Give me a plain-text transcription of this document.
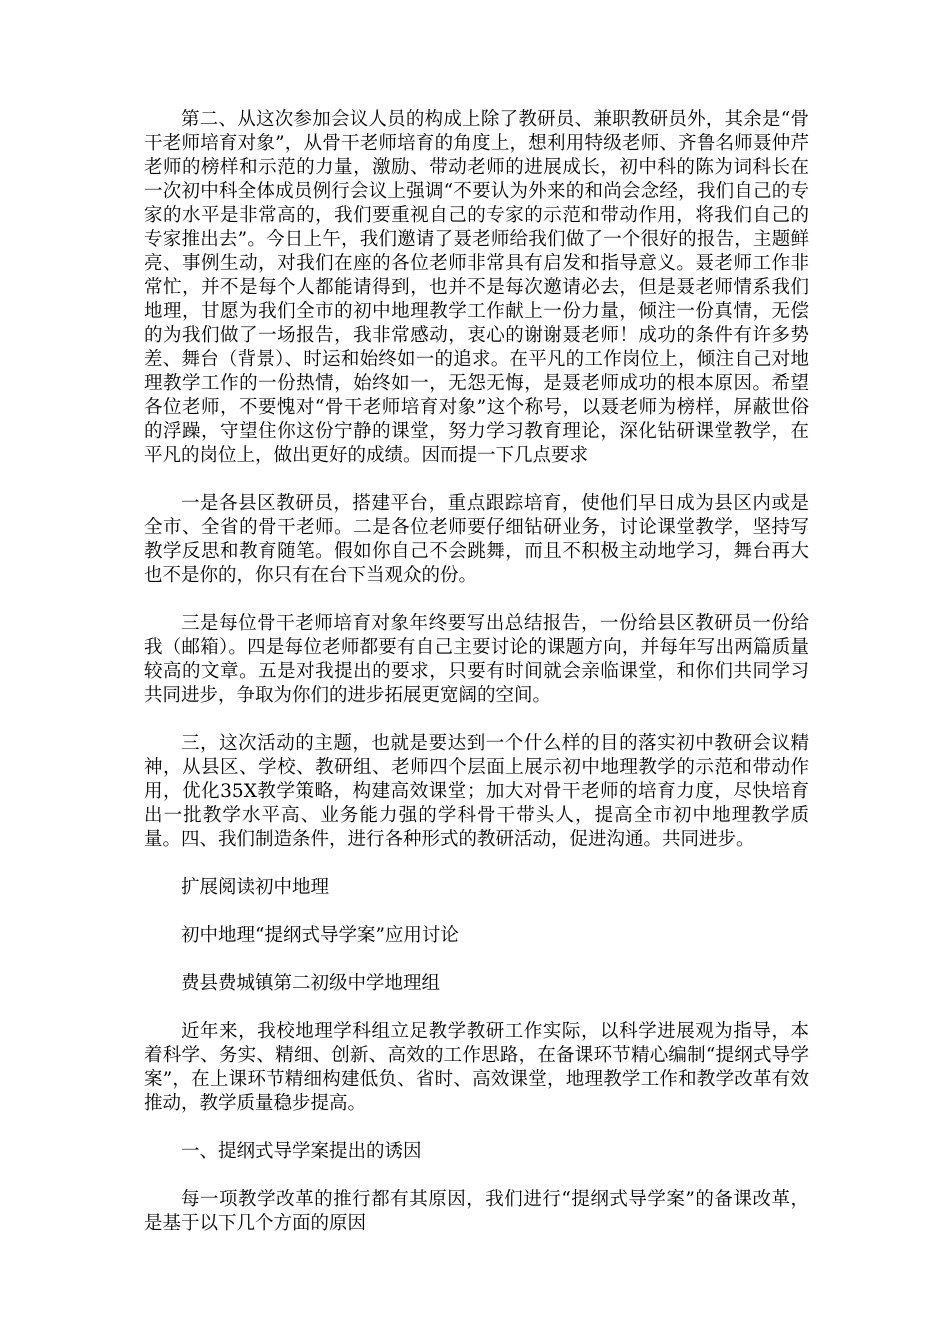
第二、从这次参加会议人员的构成上除了教研员、兼职教研员外，其余是“骨干老师培育对象”，从骨干老师培育的角度上，想利用特级老师、齐鲁名师聂仲芹老师的榜样和示范的力量，激励、带动老师的进展成长，初中科的陈为词科长在一次初中科全体成员例行会议上强调“不要认为外来的和尚会念经，我们自己的专家的水平是非常高的，我们要重视自己的专家的示范和带动作用，将我们自己的专家推出去”。今日上午，我们邀请了聂老师给我们做了一个很好的报告，主题鲜亮、事例生动，对我们在座的各位老师非常具有启发和指导意义。聂老师工作非常忙，并不是每个人都能请得到，也并不是每次邀请必去，但是聂老师情系我们地理，甘愿为我们全市的初中地理教学工作献上一份力量，倾注一份真情，无偿的为我们做了一场报告，我非常感动，衷心的谢谢聂老师！成功的条件有许多势差、舞台（背景）、时运和始终如一的追求。在平凡的工作岗位上，倾注自己对地理教学工作的一份热情，始终如一，无怨无悔，是聂老师成功的根本原因。希望各位老师，不要愧对“骨干老师培育对象”这个称号，以聂老师为榜样，屏蔽世俗的浮躁，守望住你这份宁静的课堂，努力学习教育理论，深化钻研课堂教学，在平凡的岗位上，做出更好的成绩。因而提一下几点要求

一是各县区教研员，搭建平台，重点跟踪培育，使他们早日成为县区内或是全市、全省的骨干老师。二是各位老师要仔细钻研业务，讨论课堂教学，坚持写教学反思和教育随笔。假如你自己不会跳舞，而且不积极主动地学习，舞台再大也不是你的，你只有在台下当观众的份。

三是每位骨干老师培育对象年终要写出总结报告，一份给县区教研员一份给我（邮箱）。四是每位老师都要有自己主要讨论的课题方向，并每年写出两篇质量较高的文章。五是对我提出的要求，只要有时间就会亲临课堂，和你们共同学习共同进步，争取为你们的进步拓展更宽阔的空间。

三，这次活动的主题，也就是要达到一个什么样的目的落实初中教研会议精神，从县区、学校、教研组、老师四个层面上展示初中地理教学的示范和带动作用，优化35X教学策略，构建高效课堂；加大对骨干老师的培育力度，尽快培育出一批教学水平高、业务能力强的学科骨干带头人，提高全市初中地理教学质量。四、我们制造条件，进行各种形式的教研活动，促进沟通。共同进步。

扩展阅读初中地理

初中地理“提纲式导学案”应用讨论

费县费城镇第二初级中学地理组

近年来，我校地理学科组立足教学教研工作实际，以科学进展观为指导，本着科学、务实、精细、创新、高效的工作思路，在备课环节精心编制“提纲式导学案”，在上课环节精细构建低负、省时、高效课堂，地理教学工作和教学改革有效推动，教学质量稳步提高。

一、提纲式导学案提出的诱因

每一项教学改革的推行都有其原因，我们进行“提纲式导学案”的备课改革，是基于以下几个方面的原因
